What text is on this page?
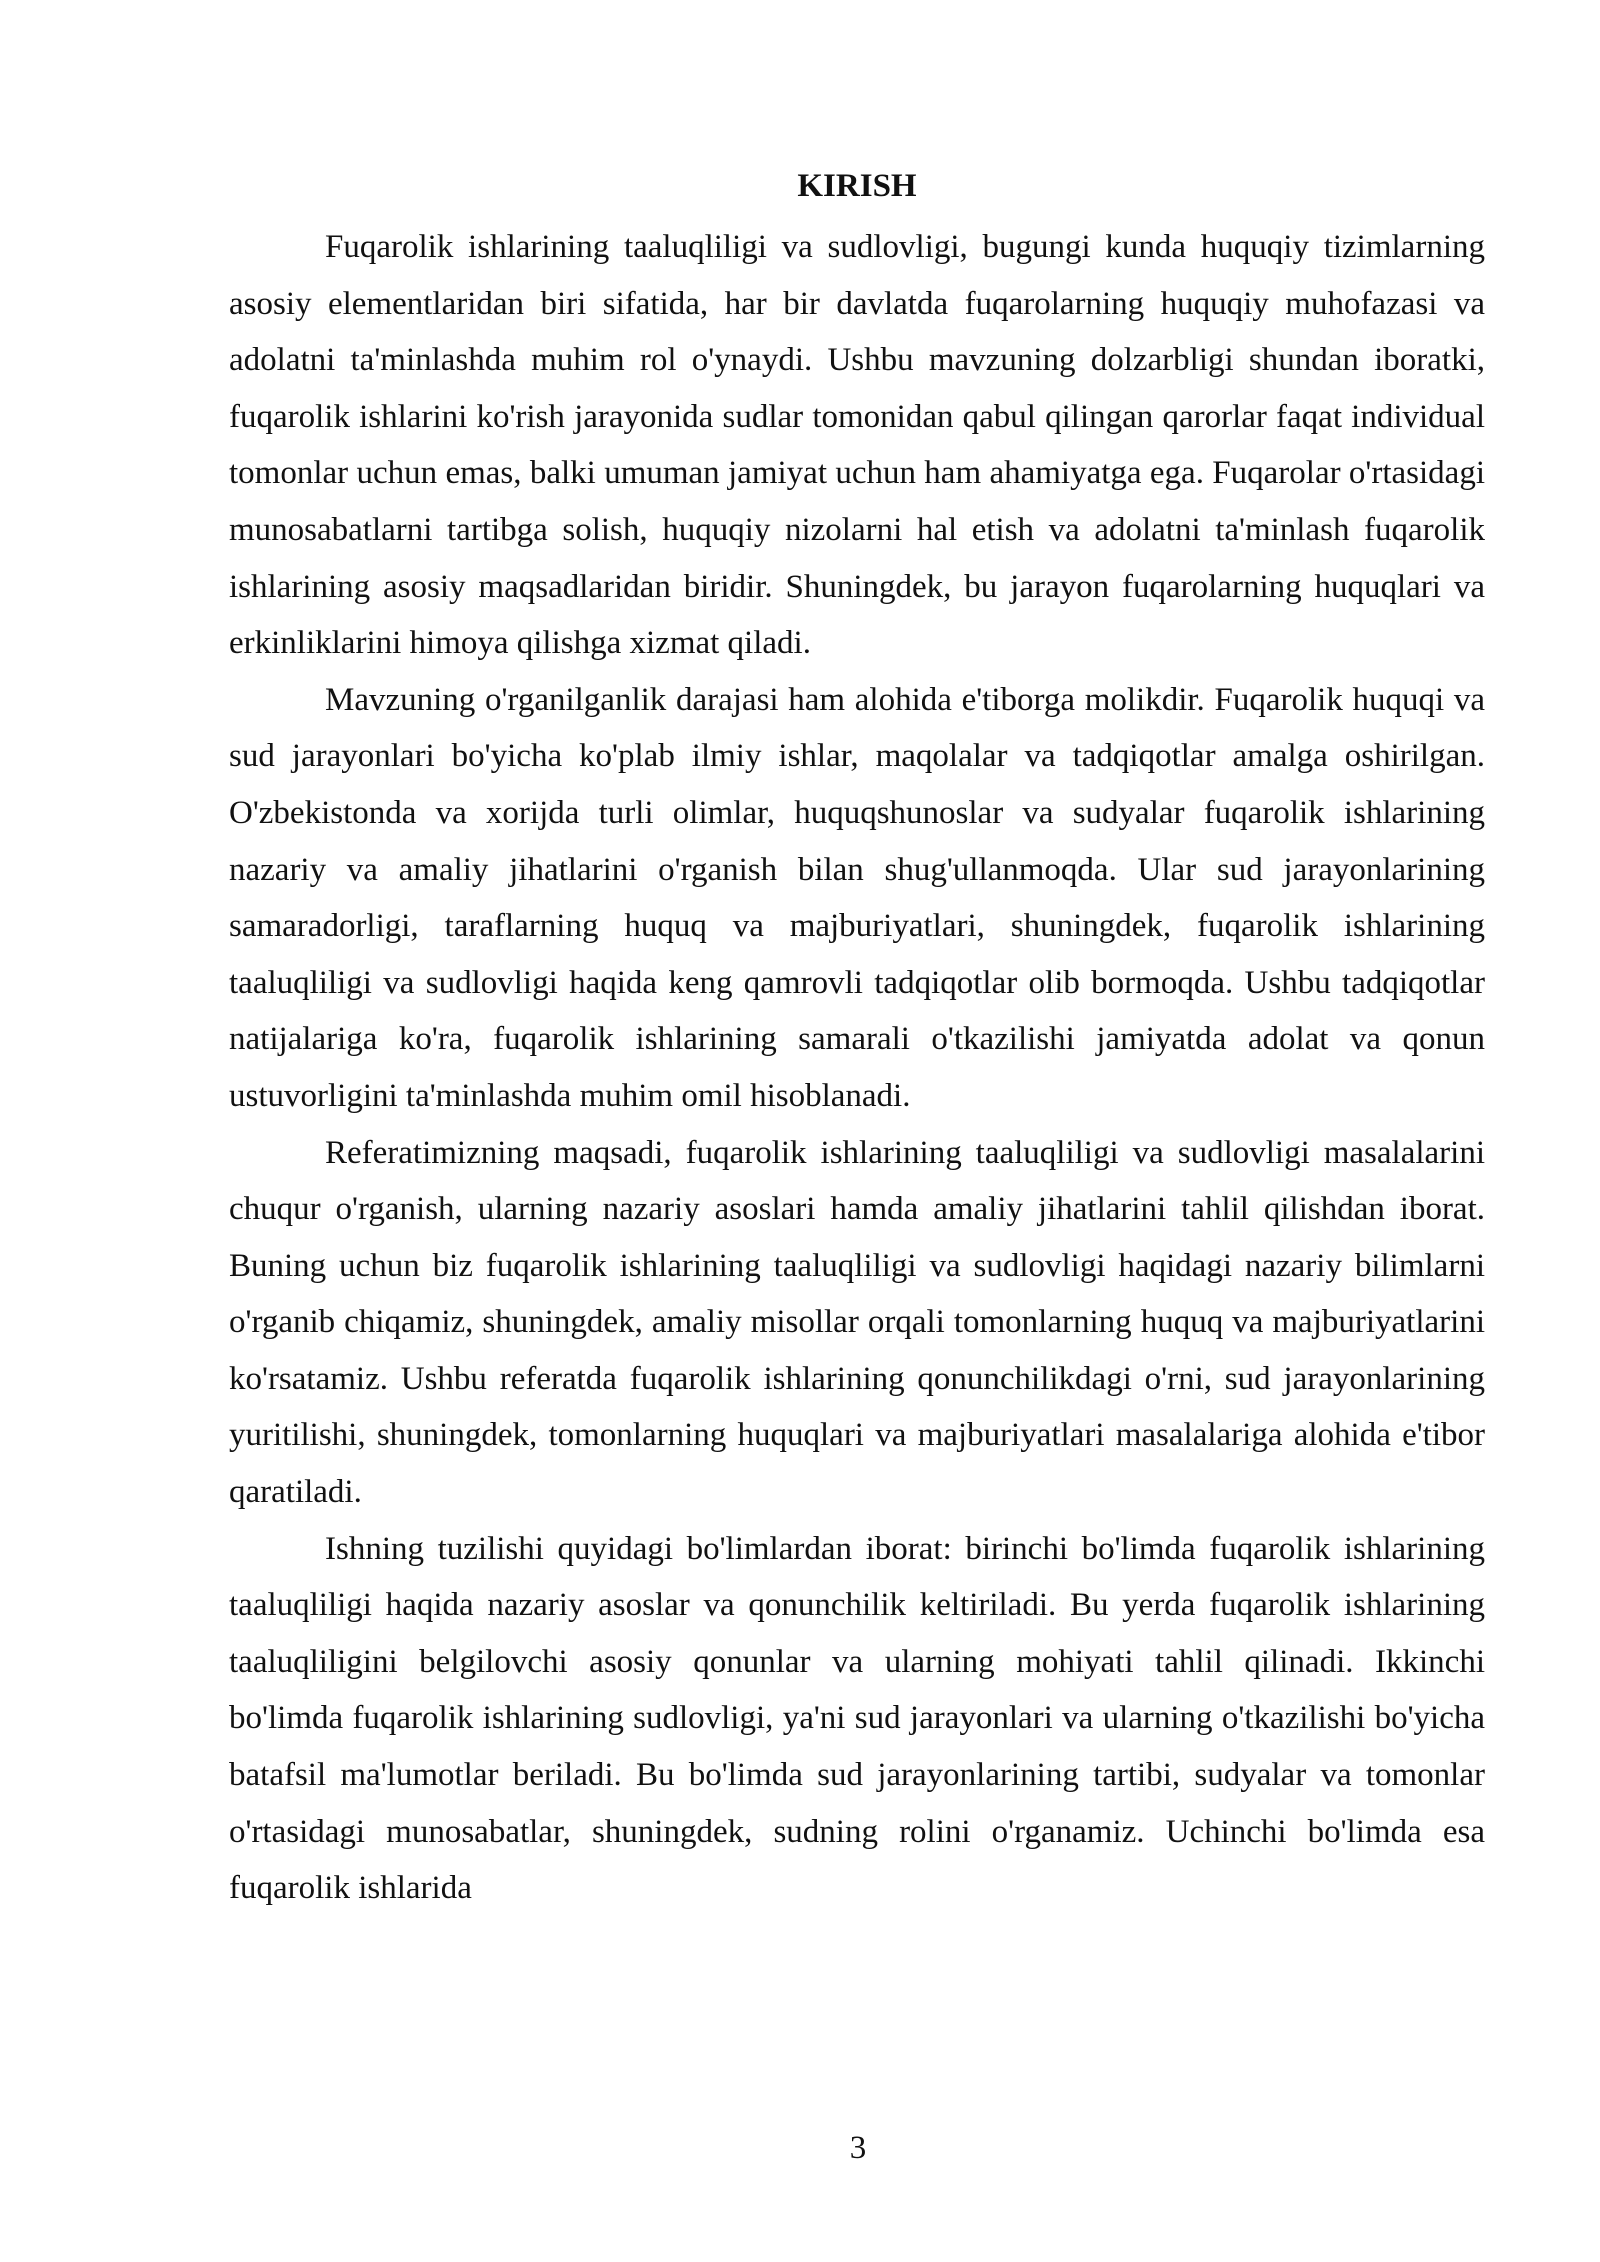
KIRISH

Fuqarolik ishlarining taaluqliligi va sudlovligi, bugungi kunda huquqiy tizimlarning asosiy elementlaridan biri sifatida, har bir davlatda fuqarolarning huquqiy muhofazasi va adolatni ta'minlashda muhim rol o'ynaydi. Ushbu mavzuning dolzarbligi shundan iboratki, fuqarolik ishlarini ko'rish jarayonida sudlar tomonidan qabul qilingan qarorlar faqat individual tomonlar uchun emas, balki umuman jamiyat uchun ham ahamiyatga ega. Fuqarolar o'rtasidagi munosabatlarni tartibga solish, huquqiy nizolarni hal etish va adolatni ta'minlash fuqarolik ishlarining asosiy maqsadlaridan biridir. Shuningdek, bu jarayon fuqarolarning huquqlari va erkinliklarini himoya qilishga xizmat qiladi.

Mavzuning o'rganilganlik darajasi ham alohida e'tiborga molikdir. Fuqarolik huquqi va sud jarayonlari bo'yicha ko'plab ilmiy ishlar, maqolalar va tadqiqotlar amalga oshirilgan. O'zbekistonda va xorijda turli olimlar, huquqshunoslar va sudyalar fuqarolik ishlarining nazariy va amaliy jihatlarini o'rganish bilan shug'ullanmoqda. Ular sud jarayonlarining samaradorligi, taraflarning huquq va majburiyatlari, shuningdek, fuqarolik ishlarining taaluqliligi va sudlovligi haqida keng qamrovli tadqiqotlar olib bormoqda. Ushbu tadqiqotlar natijalariga ko'ra, fuqarolik ishlarining samarali o'tkazilishi jamiyatda adolat va qonun ustuvorligini ta'minlashda muhim omil hisoblanadi.

Referatimizning maqsadi, fuqarolik ishlarining taaluqliligi va sudlovligi masalalarini chuqur o'rganish, ularning nazariy asoslari hamda amaliy jihatlarini tahlil qilishdan iborat. Buning uchun biz fuqarolik ishlarining taaluqliligi va sudlovligi haqidagi nazariy bilimlarni o'rganib chiqamiz, shuningdek, amaliy misollar orqali tomonlarning huquq va majburiyatlarini ko'rsatamiz. Ushbu referatda fuqarolik ishlarining qonunchilikdagi o'rni, sud jarayonlarining yuritilishi, shuningdek, tomonlarning huquqlari va majburiyatlari masalalariga alohida e'tibor qaratiladi.

Ishning tuzilishi quyidagi bo'limlardan iborat: birinchi bo'limda fuqarolik ishlarining taaluqliligi haqida nazariy asoslar va qonunchilik keltiriladi. Bu yerda fuqarolik ishlarining taaluqliligini belgilovchi asosiy qonunlar va ularning mohiyati tahlil qilinadi. Ikkinchi bo'limda fuqarolik ishlarining sudlovligi, ya'ni sud jarayonlari va ularning o'tkazilishi bo'yicha batafsil ma'lumotlar beriladi. Bu bo'limda sud jarayonlarining tartibi, sudyalar va tomonlar o'rtasidagi munosabatlar, shuningdek, sudning rolini o'rganamiz. Uchinchi bo'limda esa fuqarolik ishlarida

3
